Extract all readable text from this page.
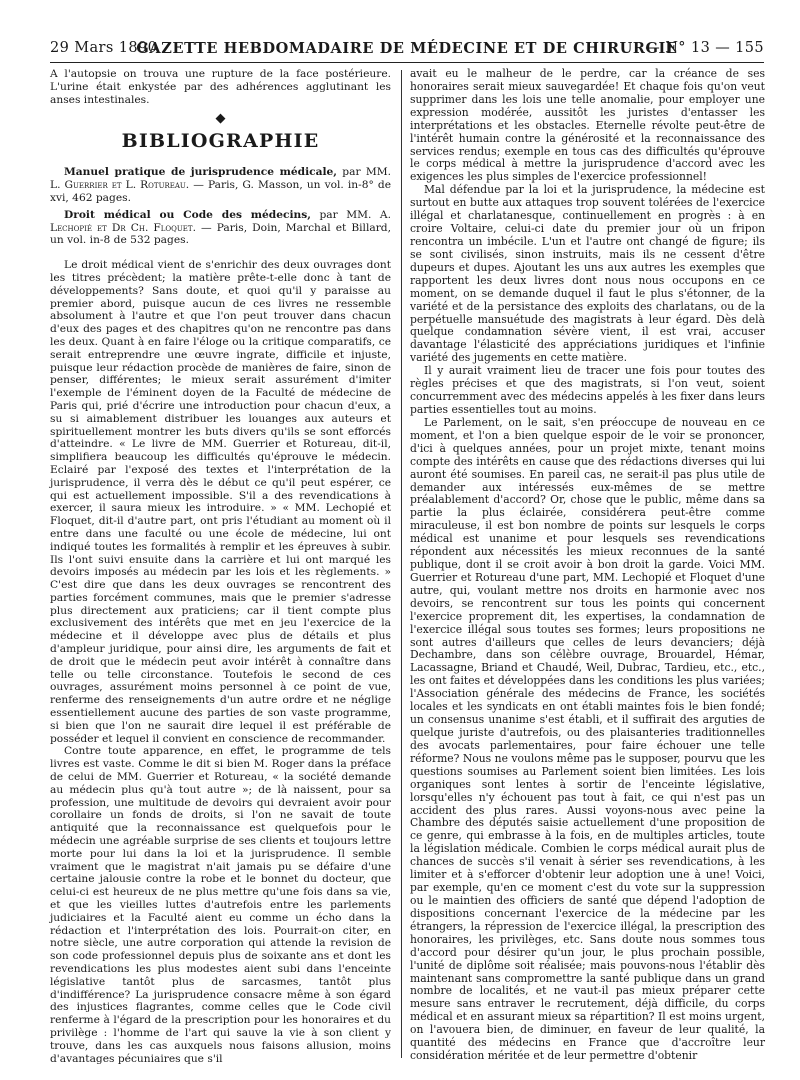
29 Mars 1890
GAZETTE HEBDOMADAIRE DE MÉDECINE ET DE CHIRURGIE
— N° 13 — 155

A l'autopsie on trouva une rupture de la face postérieure. L'urine était enkystée par des adhérences agglutinant les anses intestinales.

◆
BIBLIOGRAPHIE

Manuel pratique de jurisprudence médicale, par MM. L. Guerrier et L. Rotureau. — Paris, G. Masson, un vol. in-8° de xvi, 462 pages.

Droit médical ou Code des médecins, par MM. A. Lechopié et Dr Ch. Floquet. — Paris, Doin, Marchal et Billard, un vol. in-8 de 532 pages.

Le droit médical vient de s'enrichir des deux ouvrages dont les titres précèdent; la matière prête-t-elle donc à tant de développements? Sans doute, et quoi qu'il y paraisse au premier abord, puisque aucun de ces livres ne ressemble absolument à l'autre et que l'on peut trouver dans chacun d'eux des pages et des chapitres qu'on ne rencontre pas dans les deux. Quant à en faire l'éloge ou la critique comparatifs, ce serait entreprendre une œuvre ingrate, difficile et injuste, puisque leur rédaction procède de manières de faire, sinon de penser, différentes; le mieux serait assurément d'imiter l'exemple de l'éminent doyen de la Faculté de médecine de Paris qui, prié d'écrire une introduction pour chacun d'eux, a su si aimablement distribuer les louanges aux auteurs et spirituellement montrer les buts divers qu'ils se sont efforcés d'atteindre. « Le livre de MM. Guerrier et Rotureau, dit-il, simplifiera beaucoup les difficultés qu'éprouve le médecin. Eclairé par l'exposé des textes et l'interprétation de la jurisprudence, il verra dès le début ce qu'il peut espérer, ce qui est actuellement impossible. S'il a des revendications à exercer, il saura mieux les introduire. » « MM. Lechopié et Floquet, dit-il d'autre part, ont pris l'étudiant au moment où il entre dans une faculté ou une école de médecine, lui ont indiqué toutes les formalités à remplir et les épreuves à subir. Ils l'ont suivi ensuite dans la carrière et lui ont marqué les devoirs imposés au médecin par les lois et les règlements. » C'est dire que dans les deux ouvrages se rencontrent des parties forcément communes, mais que le premier s'adresse plus directement aux praticiens; car il tient compte plus exclusivement des intérêts que met en jeu l'exercice de la médecine et il développe avec plus de détails et plus d'ampleur juridique, pour ainsi dire, les arguments de fait et de droit que le médecin peut avoir intérêt à connaître dans telle ou telle circonstance. Toutefois le second de ces ouvrages, assurément moins personnel à ce point de vue, renferme des renseignements d'un autre ordre et ne néglige essentiellement aucune des parties de son vaste programme, si bien que l'on ne saurait dire lequel il est préférable de posséder et lequel il convient en conscience de recommander.

Contre toute apparence, en effet, le programme de tels livres est vaste. Comme le dit si bien M. Roger dans la préface de celui de MM. Guerrier et Rotureau, « la société demande au médecin plus qu'à tout autre »; de là naissent, pour sa profession, une multitude de devoirs qui devraient avoir pour corollaire un fonds de droits, si l'on ne savait de toute antiquité que la reconnaissance est quelquefois pour le médecin une agréable surprise de ses clients et toujours lettre morte pour lui dans la loi et la jurisprudence. Il semble vraiment que le magistrat n'ait jamais pu se défaire d'une certaine jalousie contre la robe et le bonnet du docteur, que celui-ci est heureux de ne plus mettre qu'une fois dans sa vie, et que les vieilles luttes d'autrefois entre les parlements judiciaires et la Faculté aient eu comme un écho dans la rédaction et l'interprétation des lois. Pourrait-on citer, en notre siècle, une autre corporation qui attende la revision de son code professionnel depuis plus de soixante ans et dont les revendications les plus modestes aient subi dans l'enceinte législative tantôt plus de sarcasmes, tantôt plus d'indifférence? La jurisprudence consacre même à son égard des injustices flagrantes, comme celles que le Code civil renferme à l'égard de la prescription pour les honoraires et du privilège : l'homme de l'art qui sauve la vie à son client y trouve, dans les cas auxquels nous faisons allusion, moins d'avantages pécuniaires que s'il

avait eu le malheur de le perdre, car la créance de ses honoraires serait mieux sauvegardée! Et chaque fois qu'on veut supprimer dans les lois une telle anomalie, pour employer une expression modérée, aussitôt les juristes d'entasser les interprétations et les obstacles. Eternelle révolte peut-être de l'intérêt humain contre la générosité et la reconnaissance des services rendus; exemple en tous cas des difficultés qu'éprouve le corps médical à mettre la jurisprudence d'accord avec les exigences les plus simples de l'exercice professionnel!

Mal défendue par la loi et la jurisprudence, la médecine est surtout en butte aux attaques trop souvent tolérées de l'exercice illégal et charlatanesque, continuellement en progrès : à en croire Voltaire, celui-ci date du premier jour où un fripon rencontra un imbécile. L'un et l'autre ont changé de figure; ils se sont civilisés, sinon instruits, mais ils ne cessent d'être dupeurs et dupes. Ajoutant les uns aux autres les exemples que rapportent les deux livres dont nous nous occupons en ce moment, on se demande duquel il faut le plus s'étonner, de la variété et de la persistance des exploits des charlatans, ou de la perpétuelle mansuétude des magistrats à leur égard. Dès delà quelque condamnation sévère vient, il est vrai, accuser davantage l'élasticité des appréciations juridiques et l'infinie variété des jugements en cette matière.

Il y aurait vraiment lieu de tracer une fois pour toutes des règles précises et que des magistrats, si l'on veut, soient concurremment avec des médecins appelés à les fixer dans leurs parties essentielles tout au moins.

Le Parlement, on le sait, s'en préoccupe de nouveau en ce moment, et l'on a bien quelque espoir de le voir se prononcer, d'ici à quelques années, pour un projet mixte, tenant moins compte des intérêts en cause que des rédactions diverses qui lui auront été soumises. En pareil cas, ne serait-il pas plus utile de demander aux intéressés eux-mêmes de se mettre préalablement d'accord? Or, chose que le public, même dans sa partie la plus éclairée, considérera peut-être comme miraculeuse, il est bon nombre de points sur lesquels le corps médical est unanime et pour lesquels ses revendications répondent aux nécessités les mieux reconnues de la santé publique, dont il se croit avoir à bon droit la garde. Voici MM. Guerrier et Rotureau d'une part, MM. Lechopié et Floquet d'une autre, qui, voulant mettre nos droits en harmonie avec nos devoirs, se rencontrent sur tous les points qui concernent l'exercice proprement dit, les expertises, la condamnation de l'exercice illégal sous toutes ses formes; leurs propositions ne sont autres d'ailleurs que celles de leurs devanciers; déjà Dechambre, dans son célèbre ouvrage, Brouardel, Hémar, Lacassagne, Briand et Chaudé, Weil, Dubrac, Tardieu, etc., etc., les ont faites et développées dans les conditions les plus variées; l'Association générale des médecins de France, les sociétés locales et les syndicats en ont établi maintes fois le bien fondé; un consensus unanime s'est établi, et il suffirait des arguties de quelque juriste d'autrefois, ou des plaisanteries traditionnelles des avocats parlementaires, pour faire échouer une telle réforme? Nous ne voulons même pas le supposer, pourvu que les questions soumises au Parlement soient bien limitées. Les lois organiques sont lentes à sortir de l'enceinte législative, lorsqu'elles n'y échouent pas tout à fait, ce qui n'est pas un accident des plus rares. Aussi voyons-nous avec peine la Chambre des députés saisie actuellement d'une proposition de ce genre, qui embrasse à la fois, en de multiples articles, toute la législation médicale. Combien le corps médical aurait plus de chances de succès s'il venait à sérier ses revendications, à les limiter et à s'efforcer d'obtenir leur adoption une à une! Voici, par exemple, qu'en ce moment c'est du vote sur la suppression ou le maintien des officiers de santé que dépend l'adoption de dispositions concernant l'exercice de la médecine par les étrangers, la répression de l'exercice illégal, la prescription des honoraires, les privilèges, etc. Sans doute nous sommes tous d'accord pour désirer qu'un jour, le plus prochain possible, l'unité de diplôme soit réalisée; mais pouvons-nous l'établir dès maintenant sans compromettre la santé publique dans un grand nombre de localités, et ne vaut-il pas mieux préparer cette mesure sans entraver le recrutement, déjà difficile, du corps médical et en assurant mieux sa répartition? Il est moins urgent, on l'avouera bien, de diminuer, en faveur de leur qualité, la quantité des médecins en France que d'accroître leur considération méritée et de leur permettre d'obtenir
